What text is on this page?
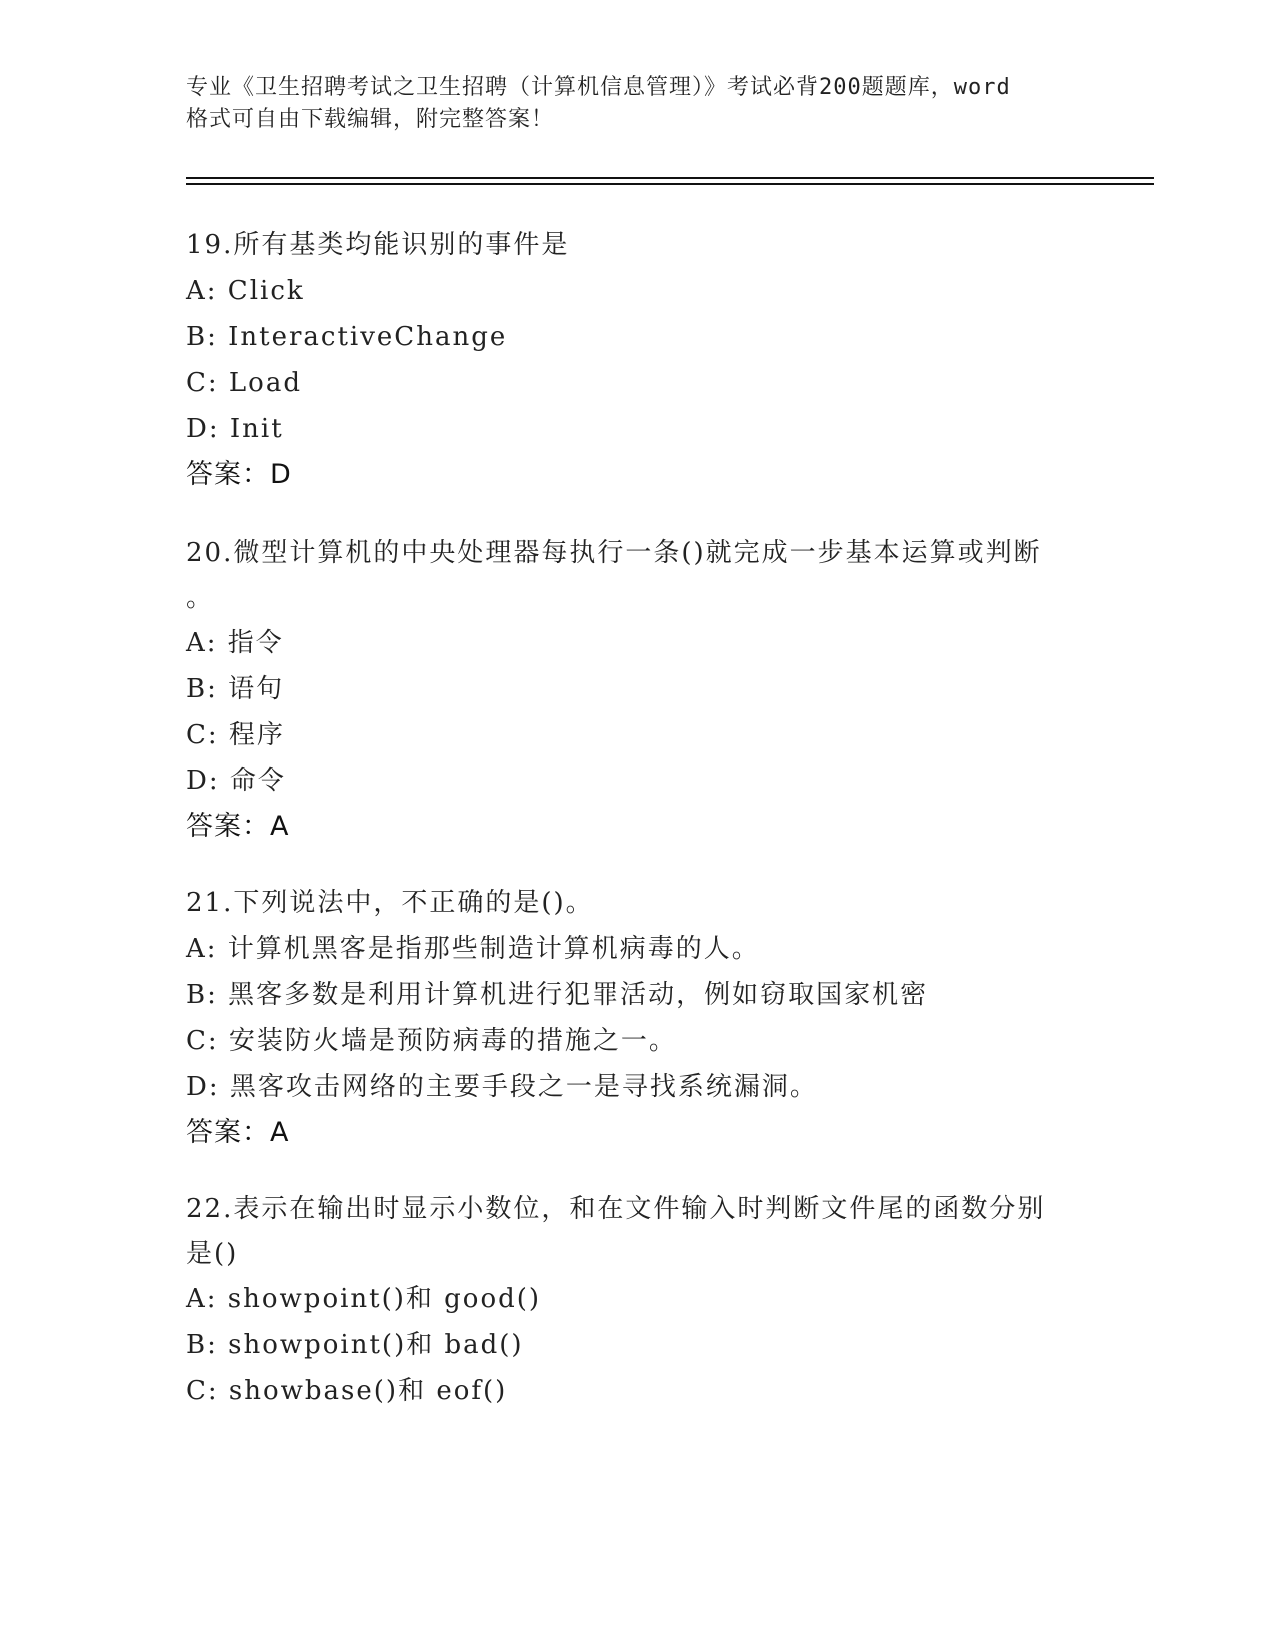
专业《卫生招聘考试之卫生招聘（计算机信息管理）》考试必背200题题库，word
格式可自由下载编辑，附完整答案！
19.所有基类均能识别的事件是
A: Click
B: InteractiveChange
C: Load
D: Init
答案：D
20.微型计算机的中央处理器每执行一条()就完成一步基本运算或判断
。
A: 指令
B: 语句
C: 程序
D: 命令
答案：A
21.下列说法中，不正确的是()。
A: 计算机黑客是指那些制造计算机病毒的人。
B: 黑客多数是利用计算机进行犯罪活动，例如窃取国家机密
C: 安装防火墙是预防病毒的措施之一。
D: 黑客攻击网络的主要手段之一是寻找系统漏洞。
答案：A
22.表示在输出时显示小数位，和在文件输入时判断文件尾的函数分别
是()
A: showpoint()和 good()
B: showpoint()和 bad()
C: showbase()和 eof()
